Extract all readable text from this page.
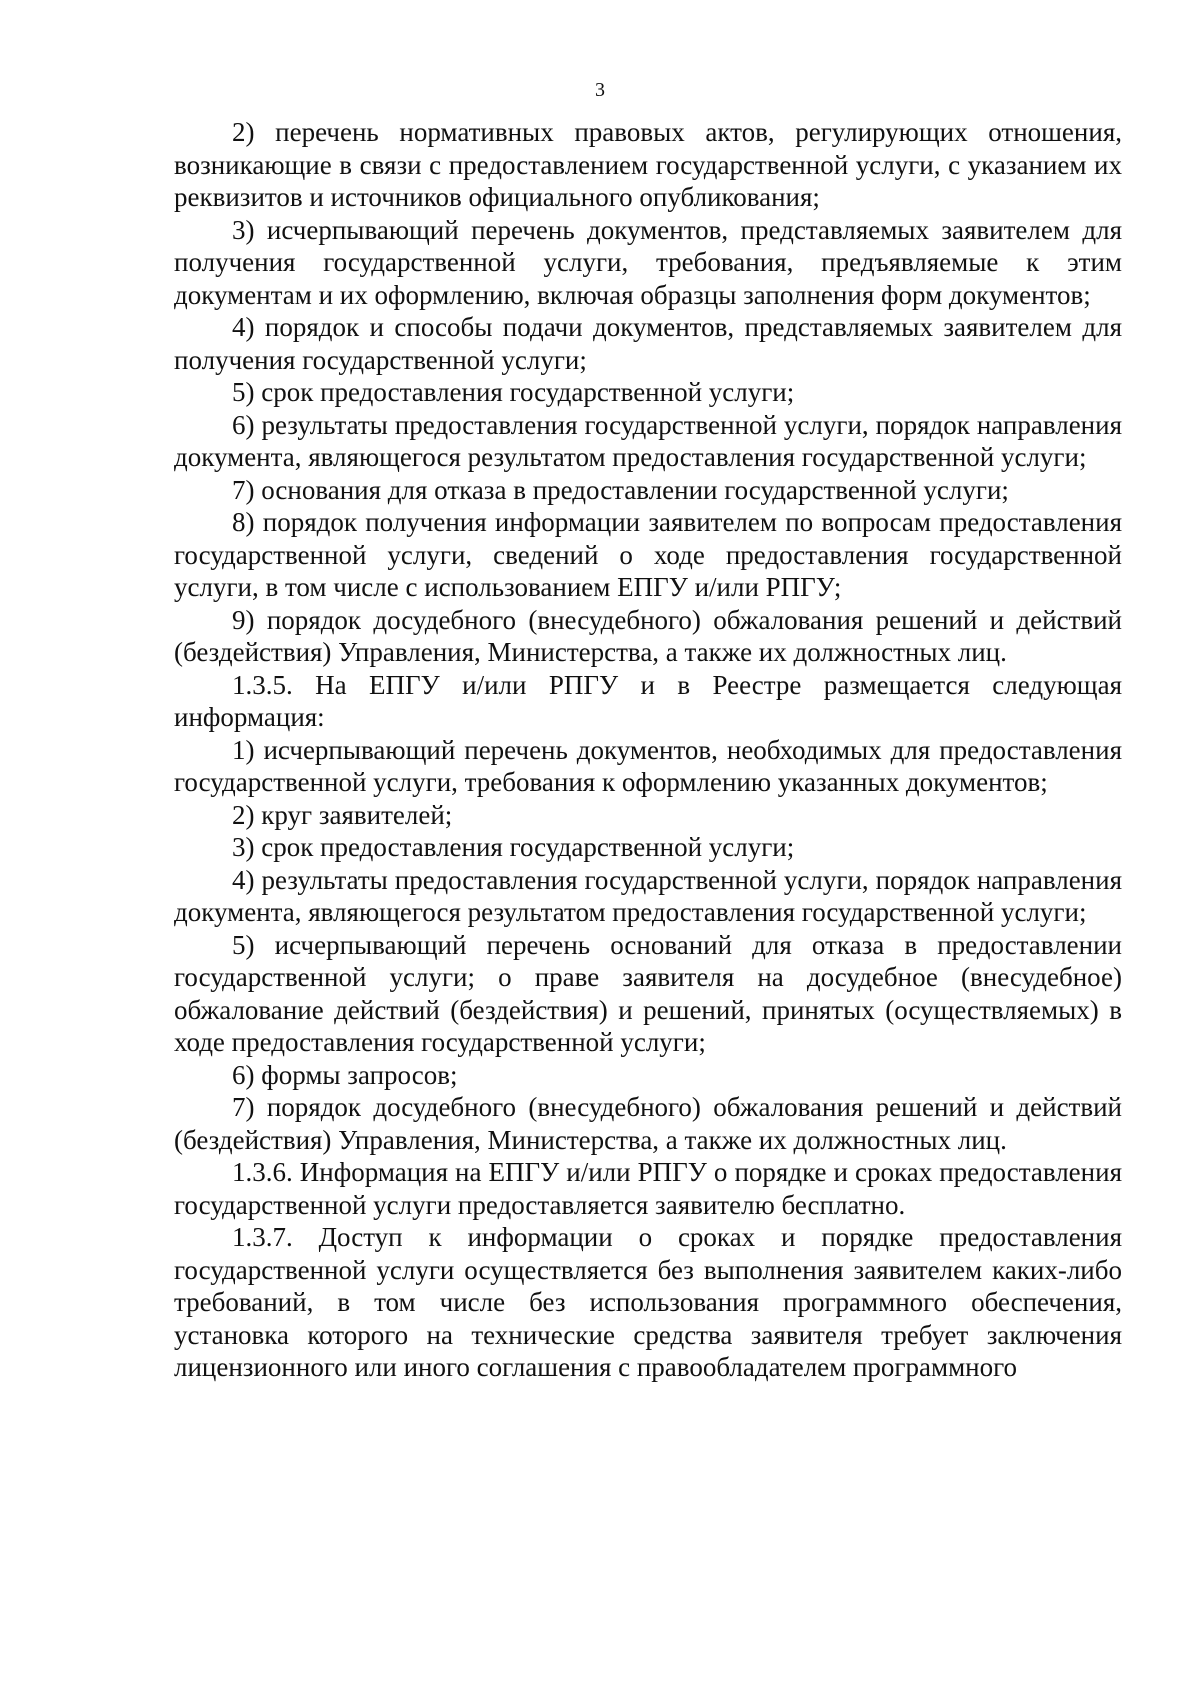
3

2) перечень нормативных правовых актов, регулирующих отношения, возникающие в связи с предоставлением государственной услуги, с указанием их реквизитов и источников официального опубликования;

3) исчерпывающий перечень документов, представляемых заявителем для получения государственной услуги, требования, предъявляемые к этим документам и их оформлению, включая образцы заполнения форм документов;

4) порядок и способы подачи документов, представляемых заявителем для получения государственной услуги;

5) срок предоставления государственной услуги;

6) результаты предоставления государственной услуги, порядок направления документа, являющегося результатом предоставления государственной услуги;

7) основания для отказа в предоставлении государственной услуги;

8) порядок получения информации заявителем по вопросам предоставления государственной услуги, сведений о ходе предоставления государственной услуги, в том числе с использованием ЕПГУ и/или РПГУ;

9) порядок досудебного (внесудебного) обжалования решений и действий (бездействия) Управления, Министерства, а также их должностных лиц.

1.3.5. На ЕПГУ и/или РПГУ и в Реестре размещается следующая информация:

1) исчерпывающий перечень документов, необходимых для предоставления государственной услуги, требования к оформлению указанных документов;

2) круг заявителей;

3) срок предоставления государственной услуги;

4) результаты предоставления государственной услуги, порядок направления документа, являющегося результатом предоставления государственной услуги;

5) исчерпывающий перечень оснований для отказа в предоставлении государственной услуги; о праве заявителя на досудебное (внесудебное) обжалование действий (бездействия) и решений, принятых (осуществляемых) в ходе предоставления государственной услуги;

6) формы запросов;

7) порядок досудебного (внесудебного) обжалования решений и действий (бездействия) Управления, Министерства, а также их должностных лиц.

1.3.6. Информация на ЕПГУ и/или РПГУ о порядке и сроках предоставления государственной услуги предоставляется заявителю бесплатно.

1.3.7. Доступ к информации о сроках и порядке предоставления государственной услуги осуществляется без выполнения заявителем каких-либо требований, в том числе без использования программного обеспечения, установка которого на технические средства заявителя требует заключения лицензионного или иного соглашения с правообладателем программного
